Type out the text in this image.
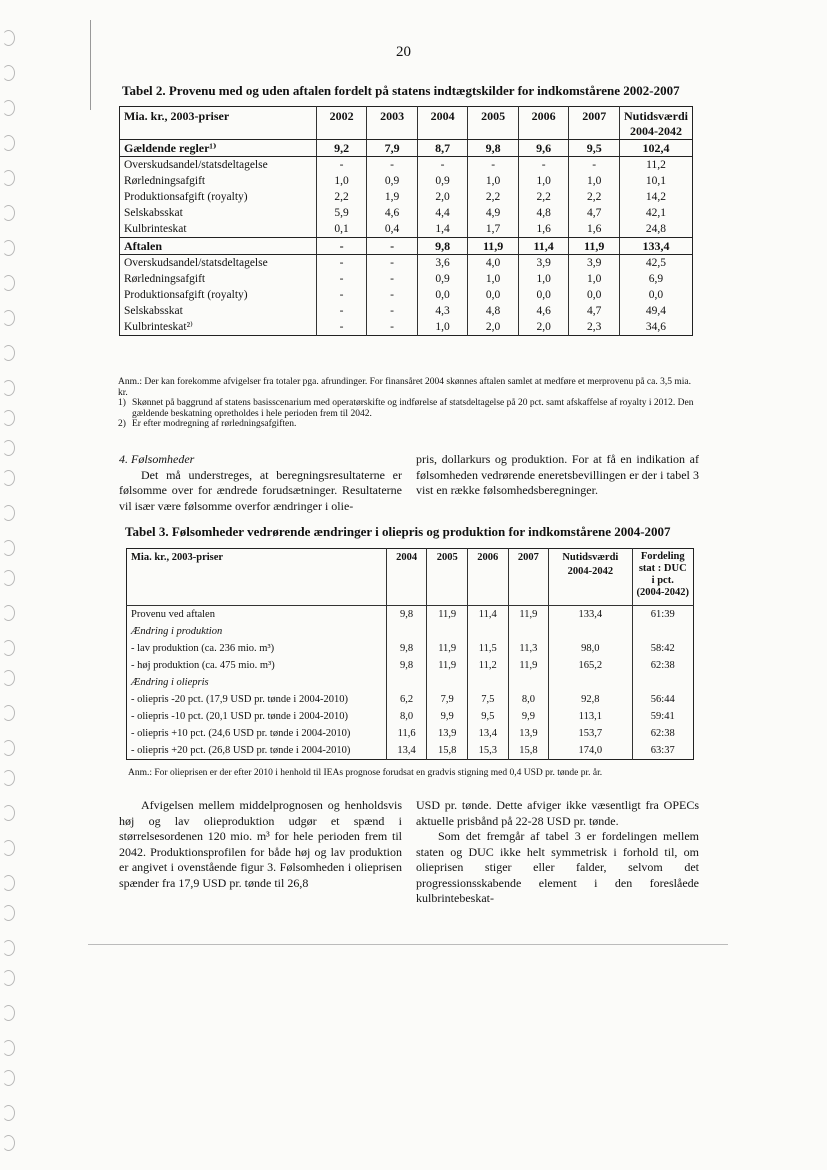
20
Tabel 2. Provenu med og uden aftalen fordelt på statens indtægtskilder for indkomstårene 2002-2007
Mia. kr., 2003-priser	2002	2003	2004	2005	2006	2007	Nutidsværdi
2004-2042
Gældende regler¹⁾	9,2	7,9	8,7	9,8	9,6	9,5	102,4
Overskudsandel/statsdeltagelse	-	-	-	-	-	-	11,2
Rørledningsafgift	1,0	0,9	0,9	1,0	1,0	1,0	10,1
Produktionsafgift (royalty)	2,2	1,9	2,0	2,2	2,2	2,2	14,2
Selskabsskat	5,9	4,6	4,4	4,9	4,8	4,7	42,1
Kulbrinteskat	0,1	0,4	1,4	1,7	1,6	1,6	24,8
Aftalen	-	-	9,8	11,9	11,4	11,9	133,4
Overskudsandel/statsdeltagelse	-	-	3,6	4,0	3,9	3,9	42,5
Rørledningsafgift	-	-	0,9	1,0	1,0	1,0	6,9
Produktionsafgift (royalty)	-	-	0,0	0,0	0,0	0,0	0,0
Selskabsskat	-	-	4,3	4,8	4,6	4,7	49,4
Kulbrinteskat²⁾	-	-	1,0	2,0	2,0	2,3	34,6
Anm.: Der kan forekomme afvigelser fra totaler pga. afrundinger. For finansåret 2004 skønnes aftalen samlet at medføre et merprovenu på ca. 3,5 mia. kr.
1) Skønnet på baggrund af statens basisscenarium med operatørskifte og indførelse af statsdeltagelse på 20 pct. samt afskaffelse af royalty i 2012. Den gældende beskatning opretholdes i hele perioden frem til 2042.
2) Er efter modregning af rørledningsafgiften.

4. Følsomheder

Det må understreges, at beregningsresultaterne er følsomme over for ændrede forudsætninger. Resultaterne vil især være følsomme overfor ændringer i olie-

pris, dollarkurs og produktion. For at få en indikation af følsomheden vedrørende eneretsbevillingen er der i tabel 3 vist en række følsomhedsberegninger.

Tabel 3. Følsomheder vedrørende ændringer i oliepris og produktion for indkomstårene 2004-2007
Mia. kr., 2003-priser	2004	2005	2006	2007	Nutidsværdi
2004-2042	Fordeling
stat : DUC
i pct.
(2004-2042)
Provenu ved aftalen	9,8	11,9	11,4	11,9	133,4	61:39
Ændring i produktion						
- lav produktion (ca. 236 mio. m³)	9,8	11,9	11,5	11,3	98,0	58:42
- høj produktion (ca. 475 mio. m³)	9,8	11,9	11,2	11,9	165,2	62:38
Ændring i oliepris						
- oliepris -20 pct. (17,9 USD pr. tønde i 2004-2010)	6,2	7,9	7,5	8,0	92,8	56:44
- oliepris -10 pct. (20,1 USD pr. tønde i 2004-2010)	8,0	9,9	9,5	9,9	113,1	59:41
- oliepris +10 pct. (24,6 USD pr. tønde i 2004-2010)	11,6	13,9	13,4	13,9	153,7	62:38
- oliepris +20 pct. (26,8 USD pr. tønde i 2004-2010)	13,4	15,8	15,3	15,8	174,0	63:37
Anm.: For olieprisen er der efter 2010 i henhold til IEAs prognose forudsat en gradvis stigning med 0,4 USD pr. tønde pr. år.

Afvigelsen mellem middelprognosen og henholdsvis høj og lav olieproduktion udgør et spænd i størrelsesordenen 120 mio. m³ for hele perioden frem til 2042. Produktionsprofilen for både høj og lav produktion er angivet i ovenstående figur 3. Følsomheden i olieprisen spænder fra 17,9 USD pr. tønde til 26,8

USD pr. tønde. Dette afviger ikke væsentligt fra OPECs aktuelle prisbånd på 22-28 USD pr. tønde.

Som det fremgår af tabel 3 er fordelingen mellem staten og DUC ikke helt symmetrisk i forhold til, om olieprisen stiger eller falder, selvom det progressionsskabende element i den foreslåede kulbrintebeskat-
